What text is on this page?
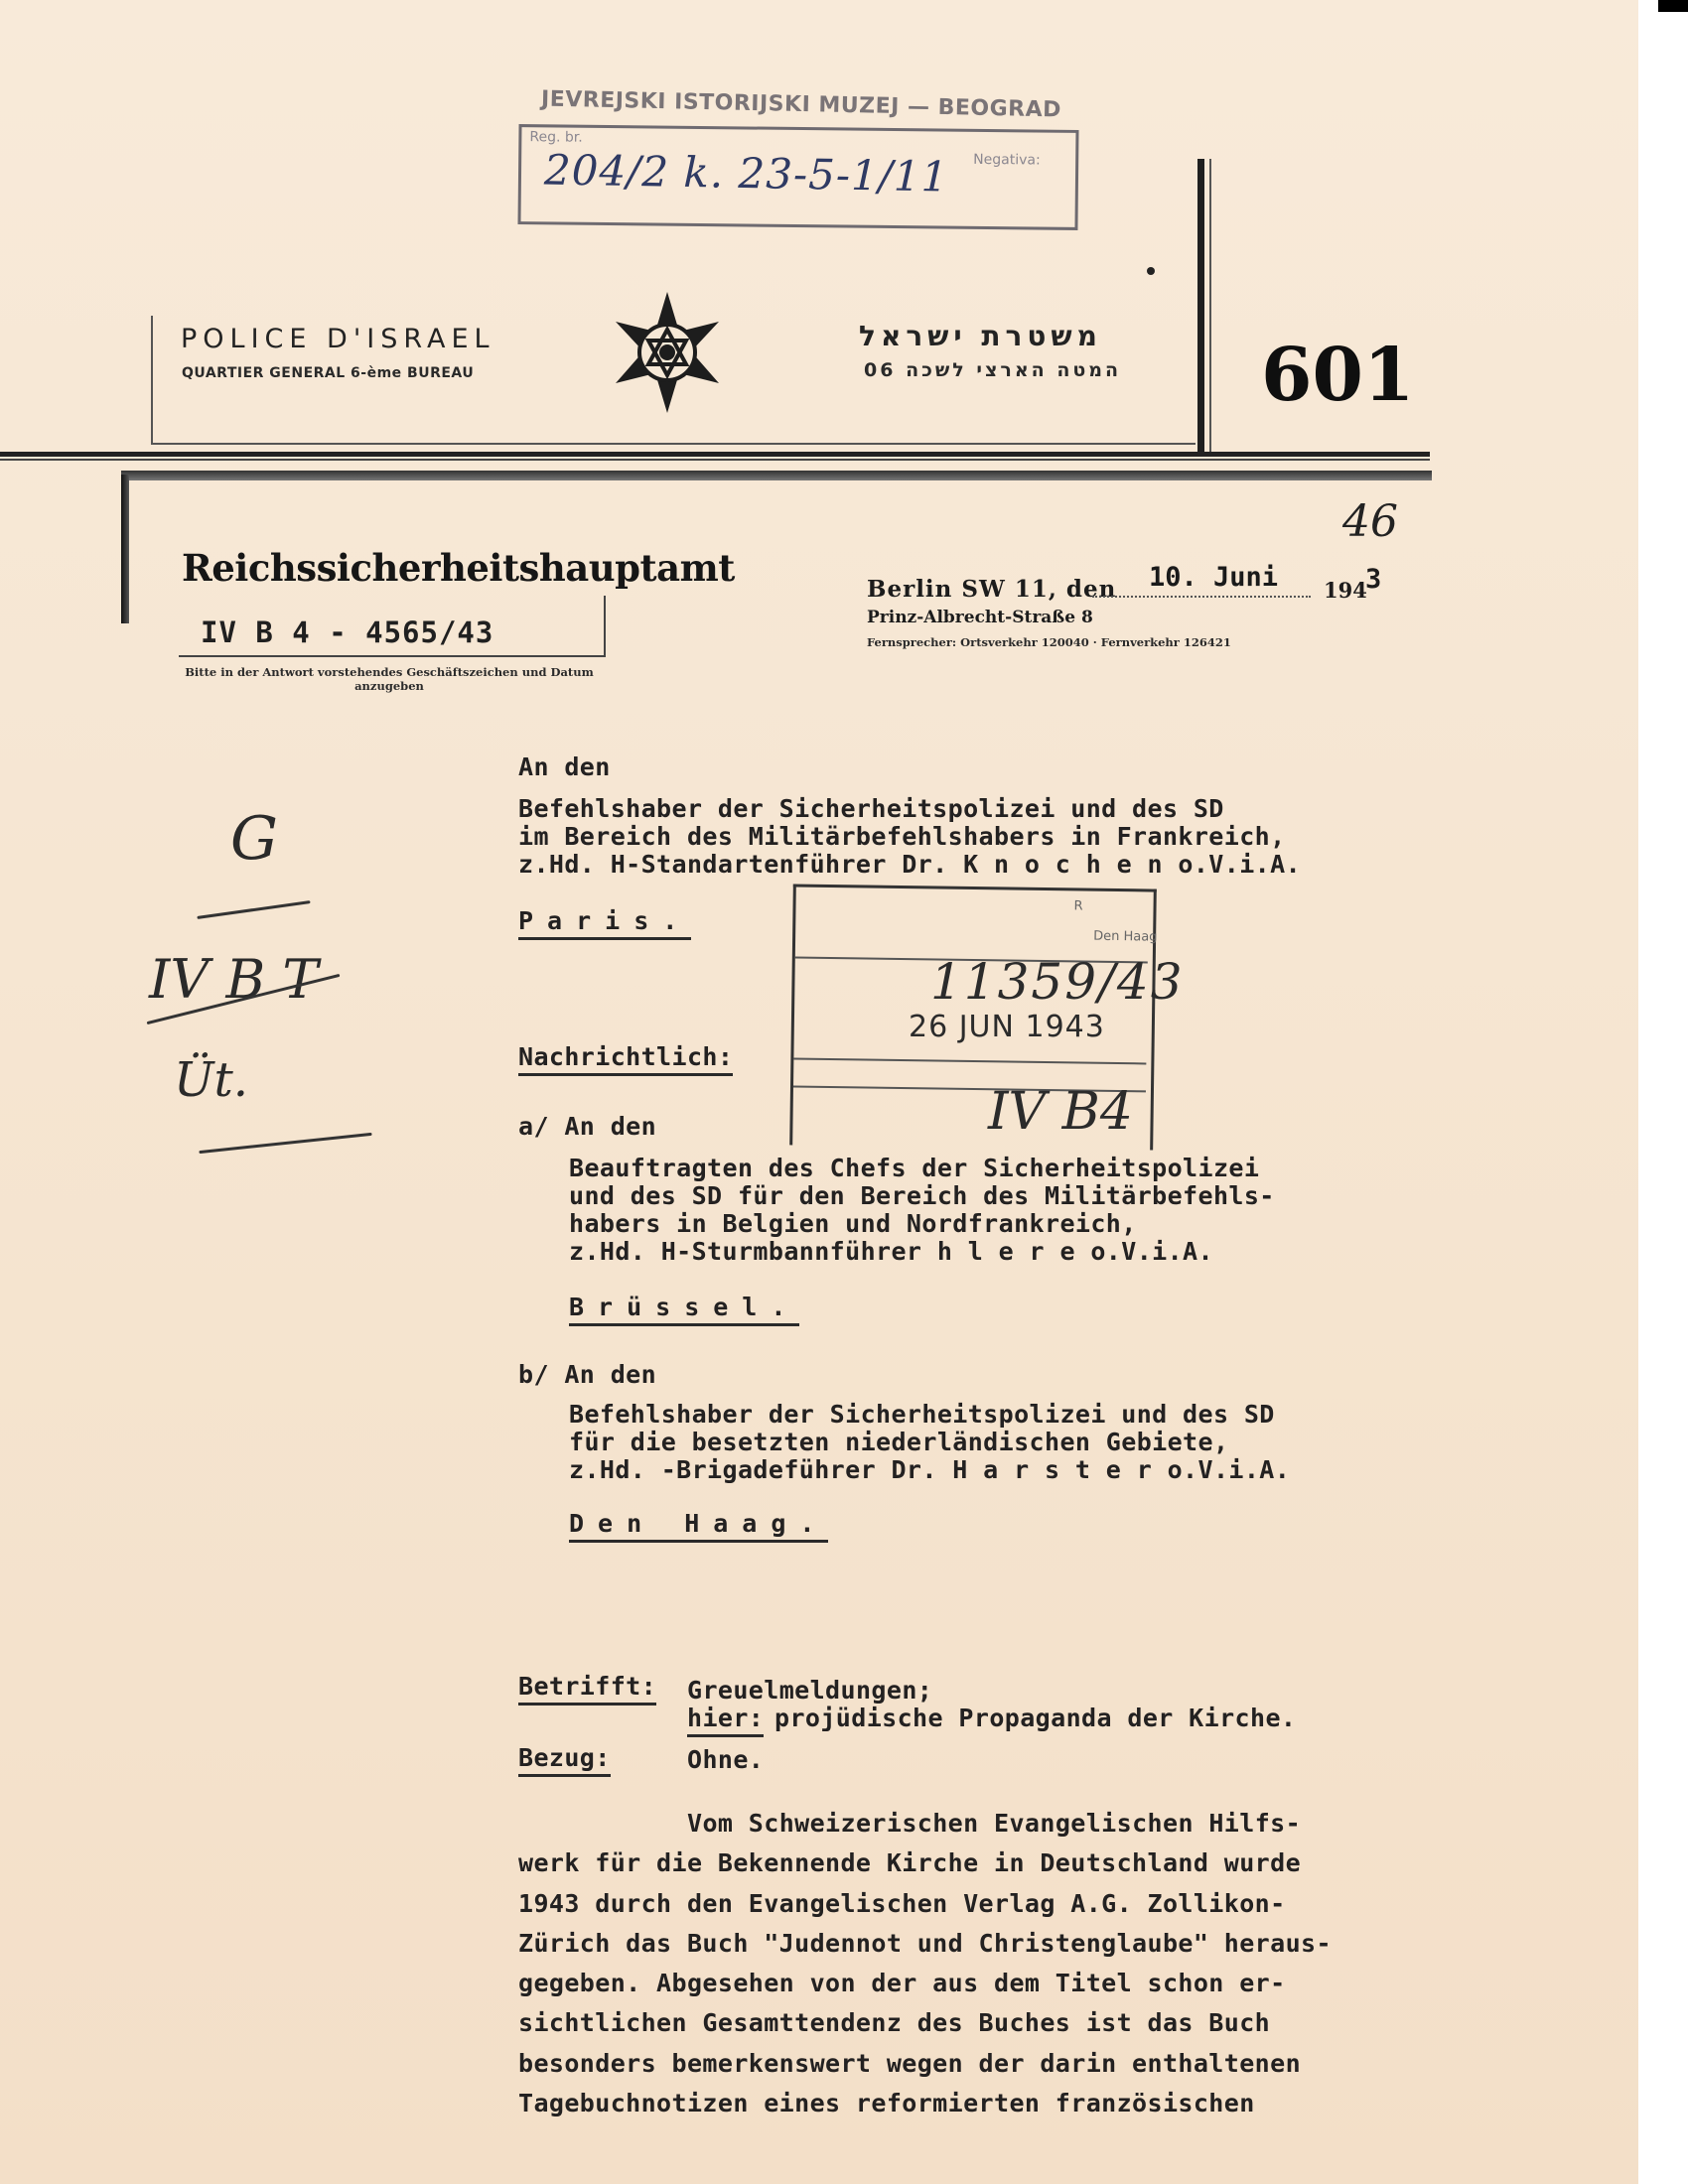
JEVREJSKI ISTORIJSKI MUZEJ — BEOGRAD
Reg. br.
Negativa:
204/2 k. 23-5-1/11
POLICE D'ISRAEL
QUARTIER GENERAL 6-ème BUREAU
משטרת ישראל
המטה הארצי לשכה 06 601
46
Reichssicherheitshauptamt
IV B 4 - 4565/43
Bitte in der Antwort vorstehendes Geschäftszeichen und Datum anzugeben
Berlin SW 11, den 10. Juni 194
3
Prinz-Albrecht-Straße 8
Fernsprecher: Ortsverkehr 120040 · Fernverkehr 126421
G
IV B T
Üt.
An den
Befehlshaber der Sicherheitspolizei und des SD
im Bereich des Militärbefehlshabers in Frankreich,
z.Hd. H-Standartenführer Dr. K n o c h e n o.V.i.A.
Paris.
R
Den Haag
11359/43
26 JUN 1943
IV B4
Nachrichtlich:
a/ An den
Beauftragten des Chefs der Sicherheitspolizei
und des SD für den Bereich des Militärbefehls-
habers in Belgien und Nordfrankreich,
z.Hd. H-Sturmbannführer h l e r e o.V.i.A.
Brüssel.
b/ An den
Befehlshaber der Sicherheitspolizei und des SD
für die besetzten niederländischen Gebiete,
z.Hd. -Brigadeführer Dr. H a r s t e r o.V.i.A.
Den Haag.
Betrifft: Greuelmeldungen;
hier: projüdische Propaganda der Kirche.
Bezug:	Ohne.
Vom Schweizerischen Evangelischen Hilfs-
werk für die Bekennende Kirche in Deutschland wurde
1943 durch den Evangelischen Verlag A.G. Zollikon-
Zürich das Buch "Judennot und Christenglaube" heraus-
gegeben. Abgesehen von der aus dem Titel schon er-
sichtlichen Gesamttendenz des Buches ist das Buch
besonders bemerkenswert wegen der darin enthaltenen
Tagebuchnotizen eines reformierten französischen
